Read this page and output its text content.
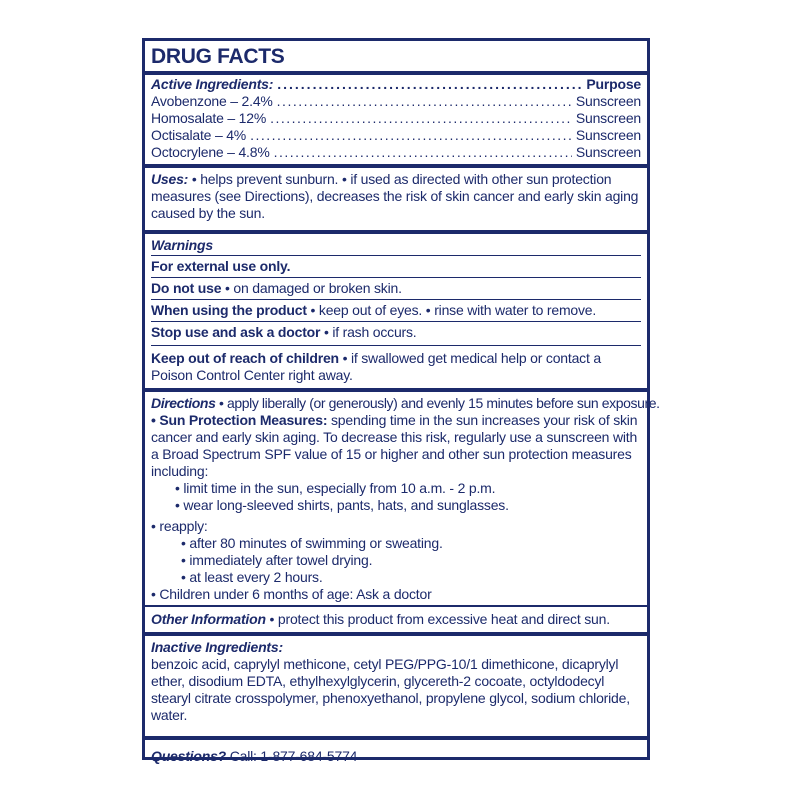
DRUG FACTS
Active Ingredients: .....	Purpose
Avobenzone – 2.4% .....	Sunscreen
Homosalate – 12% .....	Sunscreen
Octisalate – 4% .....	Sunscreen
Octocrylene – 4.8% .....	Sunscreen
Uses: • helps prevent sunburn. • if used as directed with other sun protection measures (see Directions), decreases the risk of skin cancer and early skin aging caused by the sun.
Warnings
For external use only.
Do not use • on damaged or broken skin.
When using the product • keep out of eyes. • rinse with water to remove.
Stop use and ask a doctor • if rash occurs.
Keep out of reach of children • if swallowed get medical help or contact a Poison Control Center right away.
Directions • apply liberally (or generously) and evenly 15 minutes before sun exposure.
• Sun Protection Measures: spending time in the sun increases your risk of skin cancer and early skin aging. To decrease this risk, regularly use a sunscreen with a Broad Spectrum SPF value of 15 or higher and other sun protection measures including:
• limit time in the sun, especially from 10 a.m. - 2 p.m.
• wear long-sleeved shirts, pants, hats, and sunglasses.
• reapply:
• after 80 minutes of swimming or sweating.
• immediately after towel drying.
• at least every 2 hours.
• Children under 6 months of age: Ask a doctor
Other Information • protect this product from excessive heat and direct sun.
Inactive Ingredients:
benzoic acid, caprylyl methicone, cetyl PEG/PPG-10/1 dimethicone, dicaprylyl ether, disodium EDTA, ethylhexylglycerin, glycereth-2 cocoate, octyldodecyl stearyl citrate crosspolymer, phenoxyethanol, propylene glycol, sodium chloride, water.
Questions? Call: 1-877-684-5774
